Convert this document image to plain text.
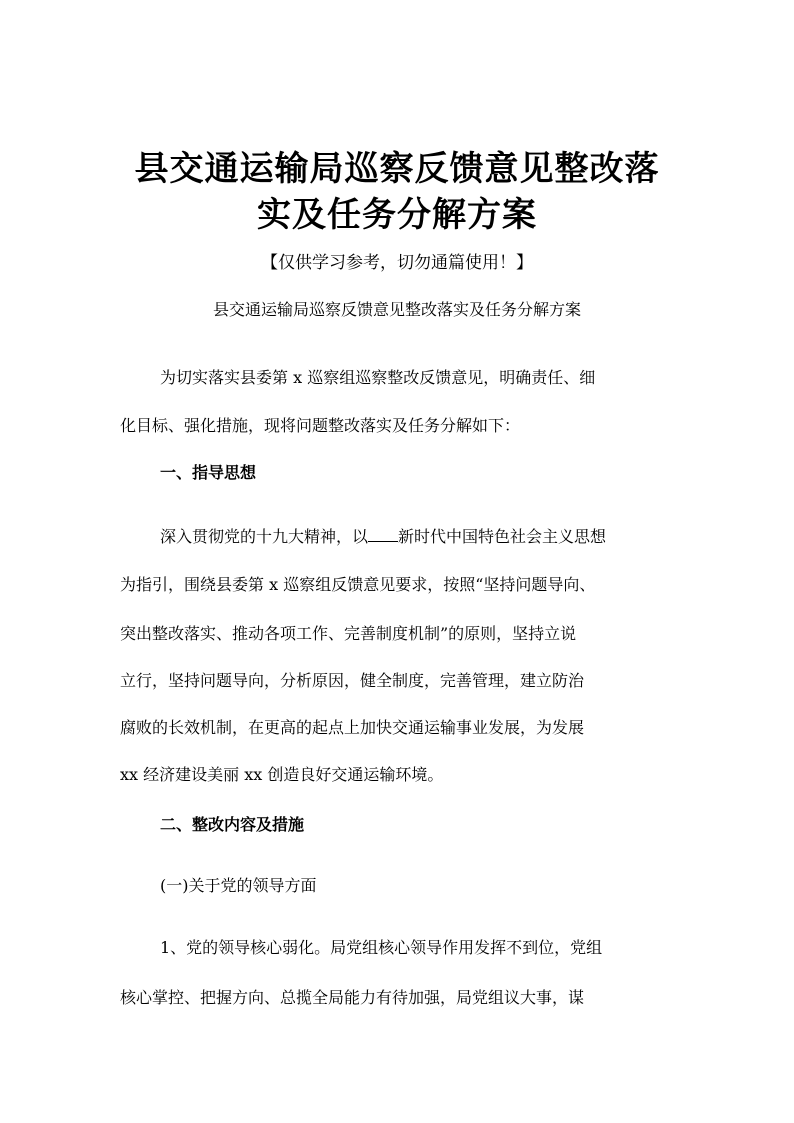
县交通运输局巡察反馈意见整改落
实及任务分解方案
【仅供学习参考，切勿通篇使用！】
县交通运输局巡察反馈意见整改落实及任务分解方案
为切实落实县委第 x 巡察组巡察整改反馈意见，明确责任、细
化目标、强化措施，现将问题整改落实及任务分解如下：
一、指导思想
深入贯彻党的十九大精神，以 新时代中国特色社会主义思想
为指引，围绕县委第 x 巡察组反馈意见要求，按照“坚持问题导向、
突出整改落实、推动各项工作、完善制度机制”的原则，坚持立说
立行，坚持问题导向，分析原因，健全制度，完善管理，建立防治
腐败的长效机制，在更高的起点上加快交通运输事业发展，为发展
xx 经济建设美丽 xx 创造良好交通运输环境。
二、整改内容及措施
(一)关于党的领导方面
1、党的领导核心弱化。局党组核心领导作用发挥不到位，党组
核心掌控、把握方向、总揽全局能力有待加强，局党组议大事，谋
